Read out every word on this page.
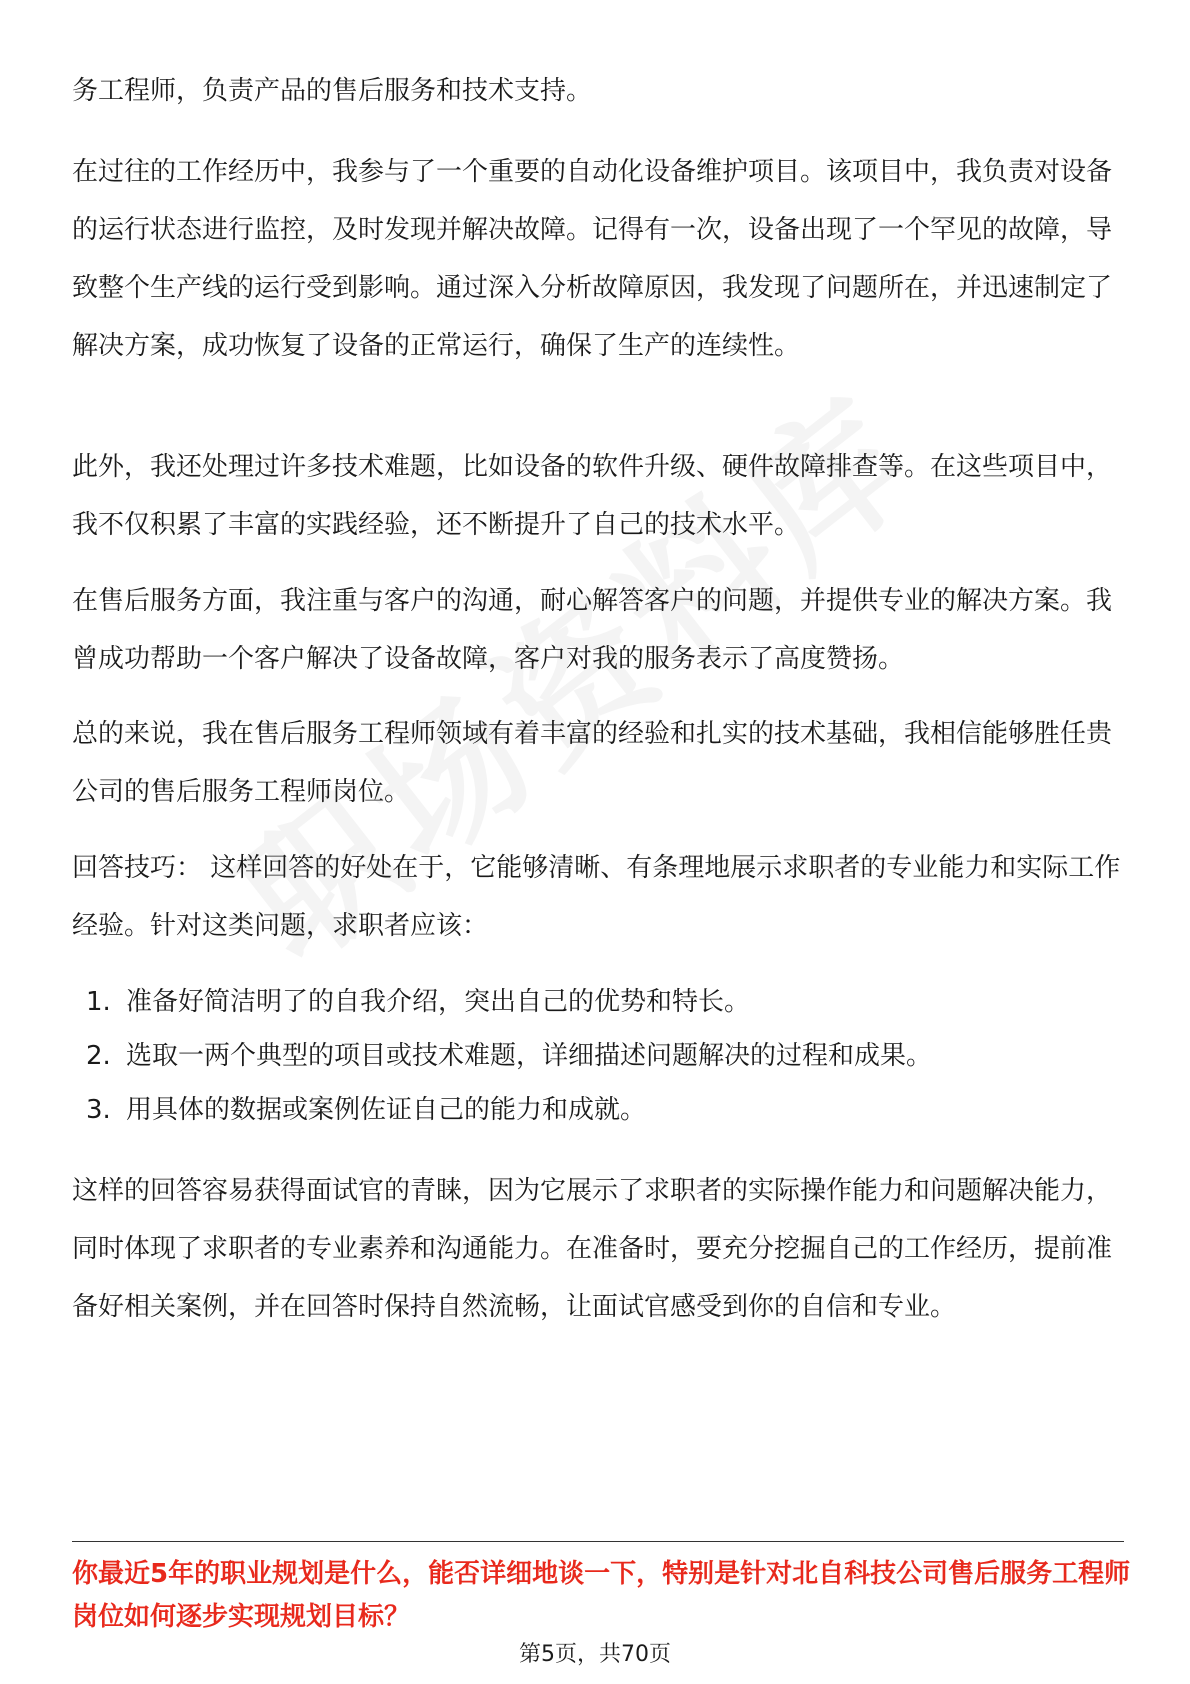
务工程师，负责产品的售后服务和技术支持。

在过往的工作经历中，我参与了一个重要的自动化设备维护项目。该项目中，我负责对设备的运行状态进行监控，及时发现并解决故障。记得有一次，设备出现了一个罕见的故障，导致整个生产线的运行受到影响。通过深入分析故障原因，我发现了问题所在，并迅速制定了解决方案，成功恢复了设备的正常运行，确保了生产的连续性。

此外，我还处理过许多技术难题，比如设备的软件升级、硬件故障排查等。在这些项目中，我不仅积累了丰富的实践经验，还不断提升了自己的技术水平。

在售后服务方面，我注重与客户的沟通，耐心解答客户的问题，并提供专业的解决方案。我曾成功帮助一个客户解决了设备故障，客户对我的服务表示了高度赞扬。

总的来说，我在售后服务工程师领域有着丰富的经验和扎实的技术基础，我相信能够胜任贵公司的售后服务工程师岗位。

回答技巧： 这样回答的好处在于，它能够清晰、有条理地展示求职者的专业能力和实际工作经验。针对这类问题，求职者应该：

1. 准备好简洁明了的自我介绍，突出自己的优势和特长。
2. 选取一两个典型的项目或技术难题，详细描述问题解决的过程和成果。
3. 用具体的数据或案例佐证自己的能力和成就。

这样的回答容易获得面试官的青睐，因为它展示了求职者的实际操作能力和问题解决能力，同时体现了求职者的专业素养和沟通能力。在准备时，要充分挖掘自己的工作经历，提前准备好相关案例，并在回答时保持自然流畅，让面试官感受到你的自信和专业。

你最近5年的职业规划是什么，能否详细地谈一下，特别是针对北自科技公司售后服务工程师岗位如何逐步实现规划目标？

第5页，共70页
